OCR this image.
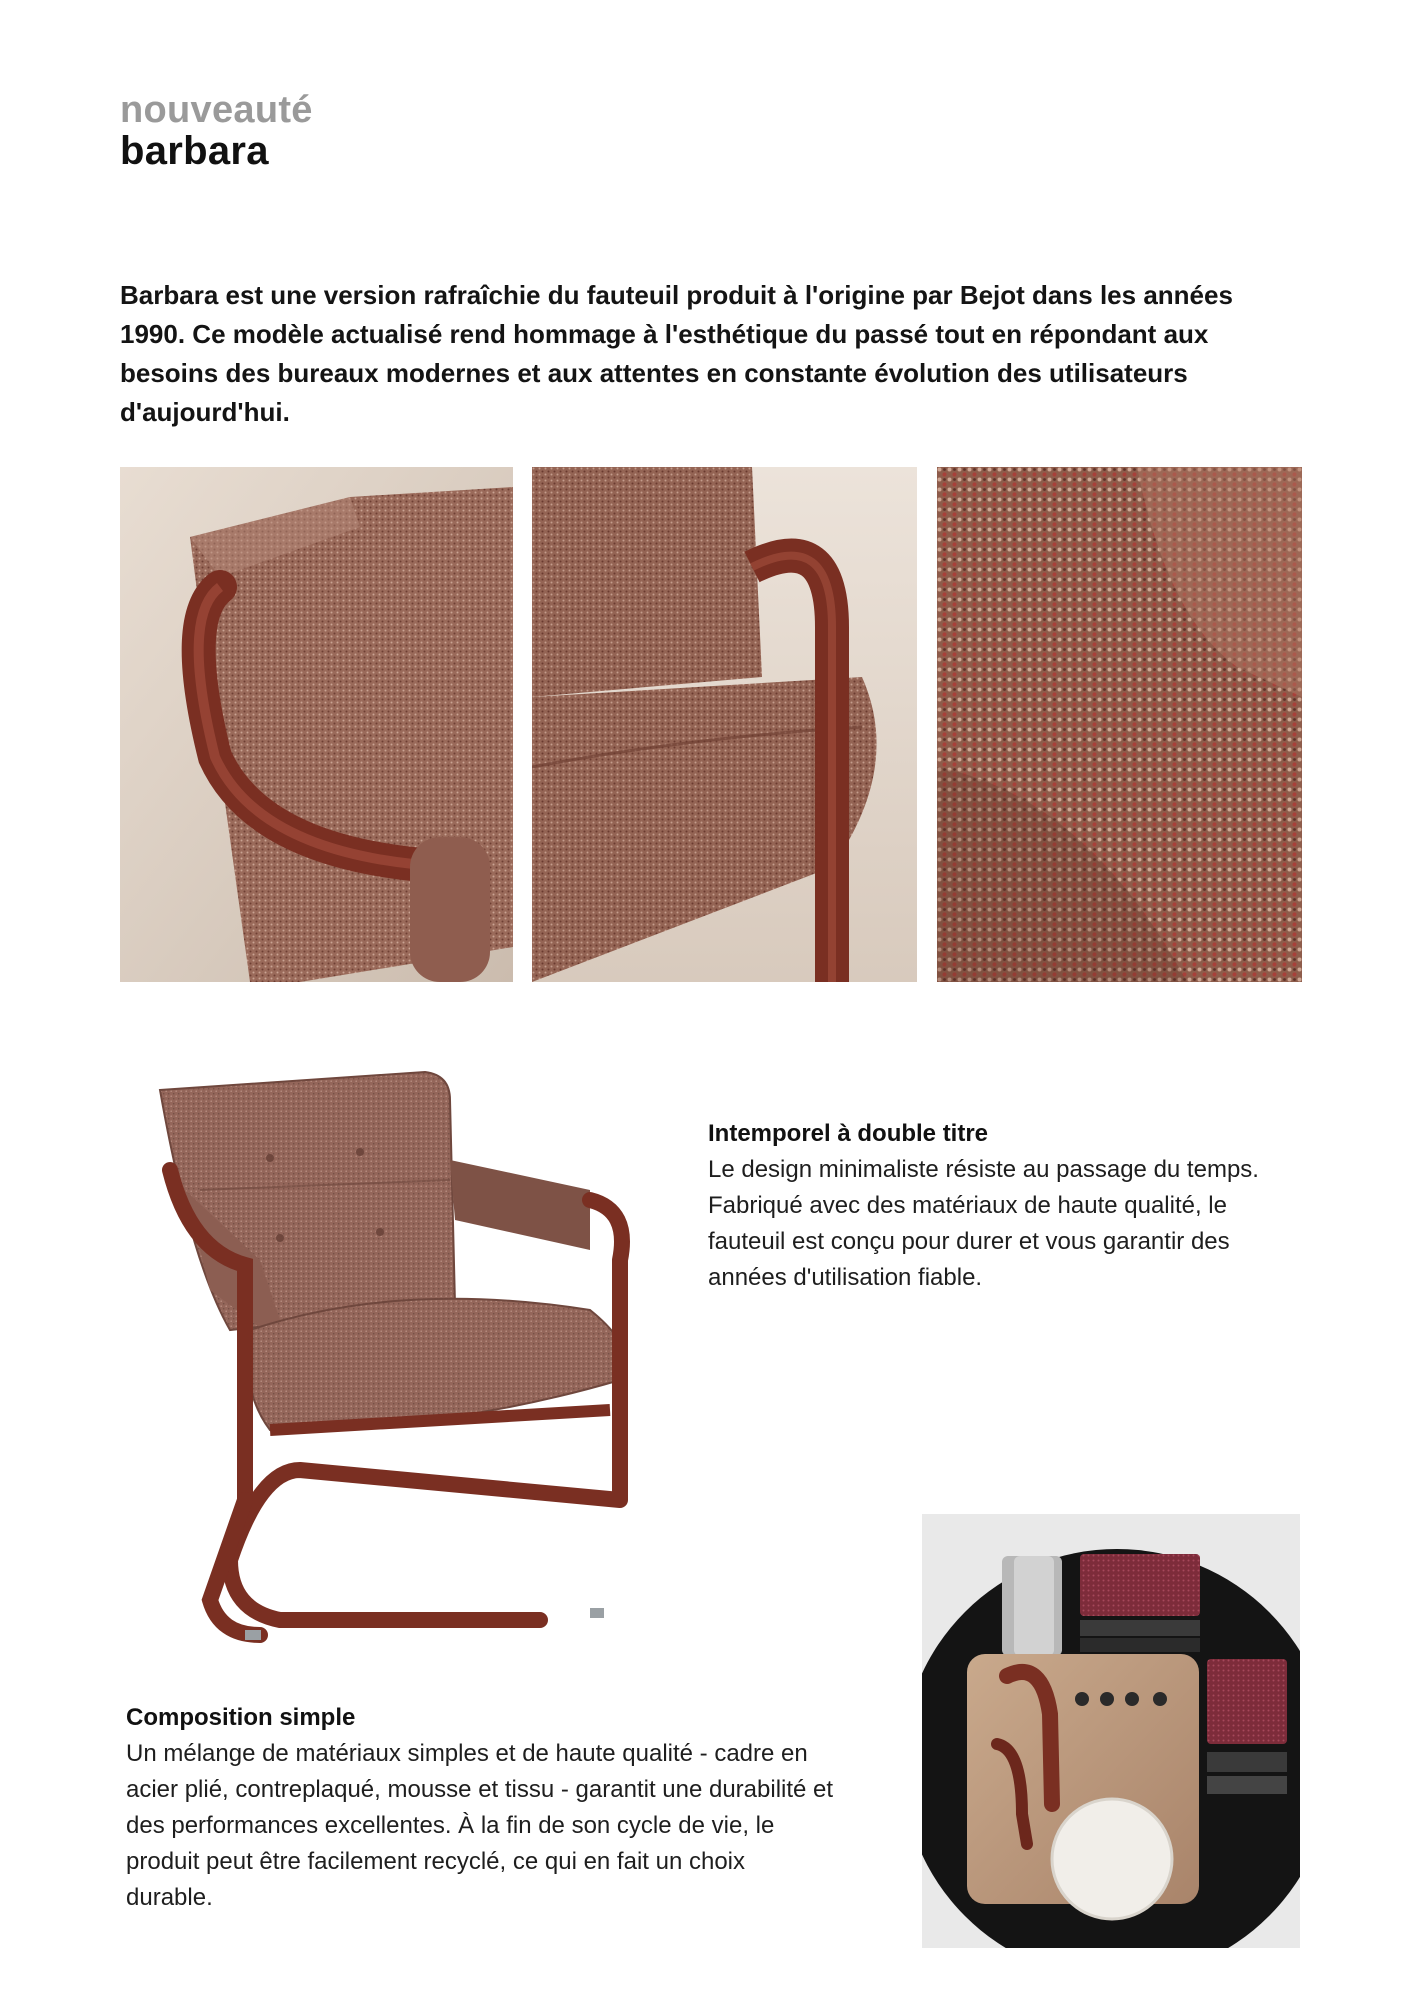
nouveauté
barbara
Barbara est une version rafraîchie du fauteuil produit à l'origine par Bejot dans les années 1990. Ce modèle actualisé rend hommage à l'esthétique du passé tout en répondant aux besoins des bureaux modernes et aux attentes en constante évolution des utilisateurs d'aujourd'hui.
Intemporel à double titre
Le design minimaliste résiste au passage du temps. Fabriqué avec des matériaux de haute qualité, le fauteuil est conçu pour durer et vous garantir des années d'utilisation fiable.
Composition simple
Un mélange de matériaux simples et de haute qualité - cadre en acier plié, contreplaqué, mousse et tissu - garantit une durabilité et des performances excellentes. À la fin de son cycle de vie, le produit peut être facilement recyclé, ce qui en fait un choix durable.
